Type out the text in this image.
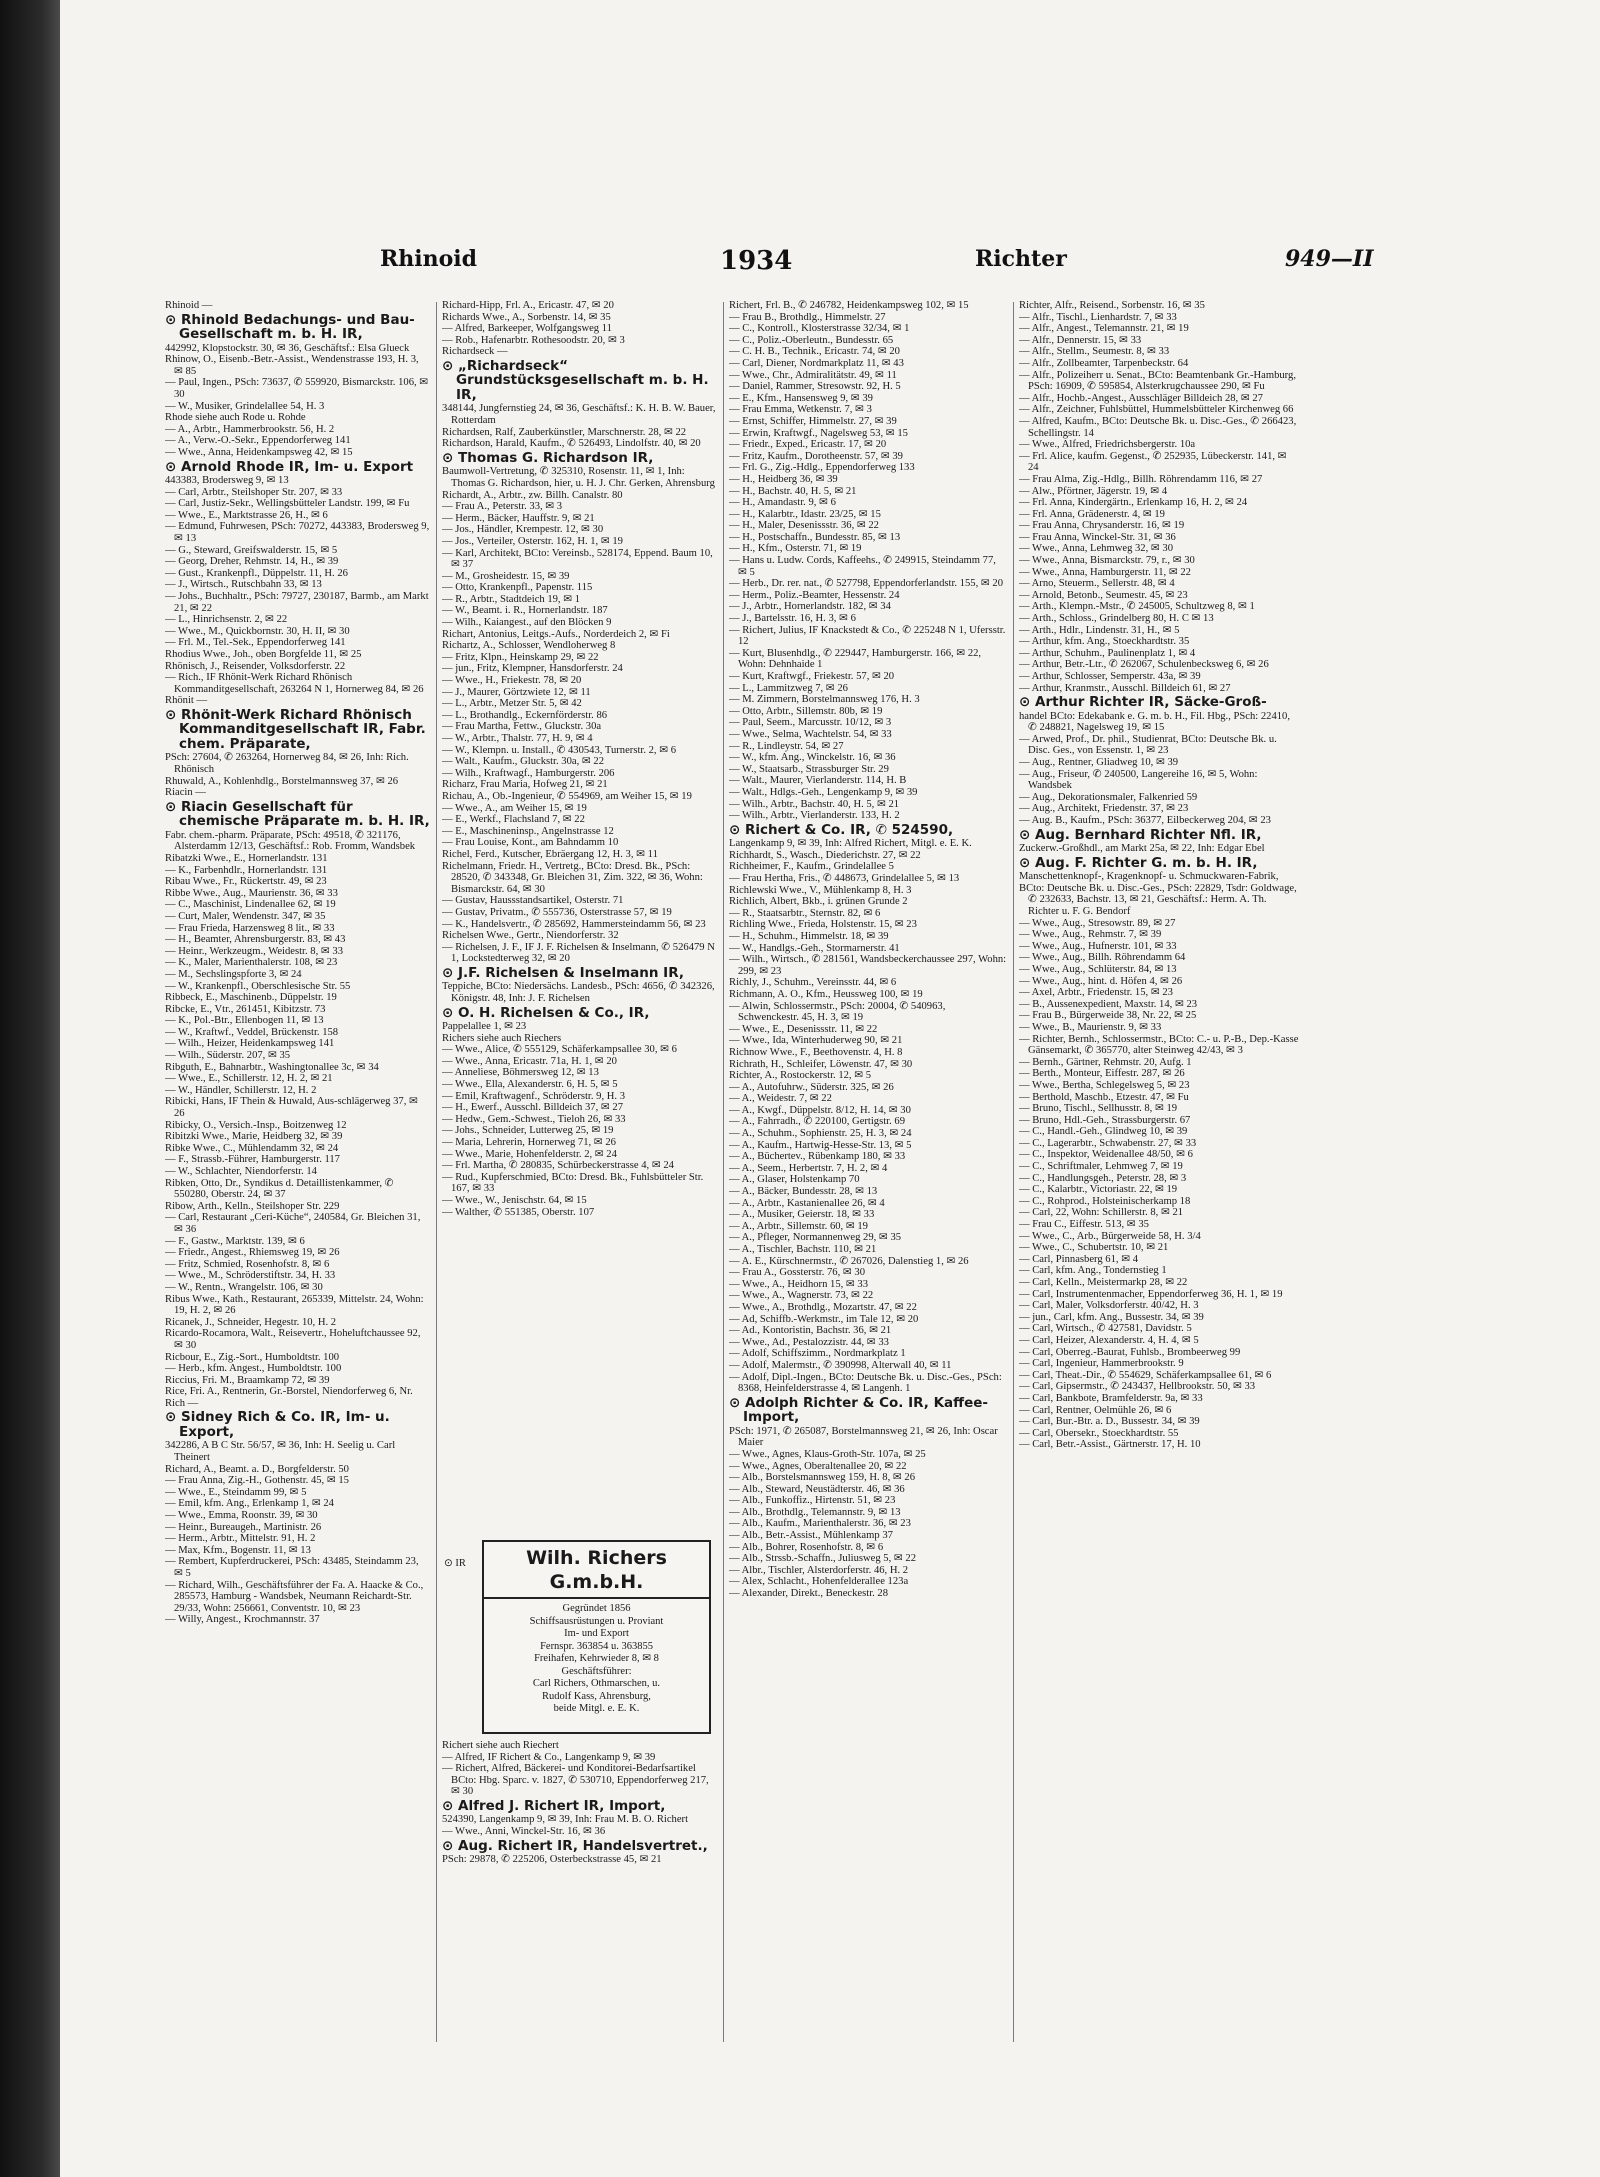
Rhinoid	1934	Richter	949—II

Rhinoid —

⊙ Rhinold Bedachungs- und Bau-Gesellschaft m. b. H. IR,

442992, Klopstockstr. 30, ✉ 36, Geschäftsf.: Elsa Glueck

Rhinow, O., Eisenb.-Betr.-Assist., Wendenstrasse 193, H. 3, ✉ 85

— Paul, Ingen., PSch: 73637, ✆ 559920, Bismarckstr. 106, ✉ 30

— W., Musiker, Grindelallee 54, H. 3

Rhode siehe auch Rode u. Rohde

— A., Arbtr., Hammerbrookstr. 56, H. 2

— A., Verw.-O.-Sekr., Eppendorferweg 141

— Wwe., Anna, Heidenkampsweg 42, ✉ 15

⊙ Arnold Rhode IR, Im- u. Export

443383, Brodersweg 9, ✉ 13

— Carl, Arbtr., Steilshoper Str. 207, ✉ 33

— Carl, Justiz-Sekr., Wellingsbütteler Landstr. 199, ✉ Fu

— Wwe., E., Marktstrasse 26, H., ✉ 6

— Edmund, Fuhrwesen, PSch: 70272, 443383, Brodersweg 9, ✉ 13

— G., Steward, Greifswalderstr. 15, ✉ 5

— Georg, Dreher, Rehmstr. 14, H., ✉ 39

— Gust., Krankenpfl., Düppelstr. 11, H. 26

— J., Wirtsch., Rutschbahn 33, ✉ 13

— Johs., Buchhaltr., PSch: 79727, 230187, Barmb., am Markt 21, ✉ 22

— L., Hinrichsenstr. 2, ✉ 22

— Wwe., M., Quickbornstr. 30, H. II, ✉ 30

— Frl. M., Tel.-Sek., Eppendorferweg 141

Rhodius Wwe., Joh., oben Borgfelde 11, ✉ 25

Rhönisch, J., Reisender, Volksdorferstr. 22

— Rich., IF Rhönit-Werk Richard Rhönisch Kommanditgesellschaft, 263264 N 1, Hornerweg 84, ✉ 26

Rhönit —

⊙ Rhönit-Werk Richard Rhönisch Kommanditgesellschaft IR, Fabr. chem. Präparate,

PSch: 27604, ✆ 263264, Hornerweg 84, ✉ 26, Inh: Rich. Rhönisch

Rhuwald, A., Kohlenhdlg., Borstelmannsweg 37, ✉ 26

Riacin —

⊙ Riacin Gesellschaft für chemische Präparate m. b. H. IR,

Fabr. chem.-pharm. Präparate, PSch: 49518, ✆ 321176, Alsterdamm 12/13, Geschäftsf.: Rob. Fromm, Wandsbek

Ribatzki Wwe., E., Hornerlandstr. 131

— K., Farbenhdlr., Hornerlandstr. 131

Ribau Wwe., Fr., Rückertstr. 49, ✉ 23

Ribbe Wwe., Aug., Maurienstr. 36, ✉ 33

— C., Maschinist, Lindenallee 62, ✉ 19

— Curt, Maler, Wendenstr. 347, ✉ 35

— Frau Frieda, Harzensweg 8 lit., ✉ 33

— H., Beamter, Ahrensburgerstr. 83, ✉ 43

— Heinr., Werkzeugm., Weidestr. 8, ✉ 33

— K., Maler, Marienthalerstr. 108, ✉ 23

— M., Sechslingspforte 3, ✉ 24

— W., Krankenpfl., Oberschlesische Str. 55

Ribbeck, E., Maschinenb., Düppelstr. 19

Ribcke, E., Vtr., 261451, Kibitzstr. 73

— K., Pol.-Btr., Ellenbogen 11, ✉ 13

— W., Kraftwf., Veddel, Brückenstr. 158

— Wilh., Heizer, Heidenkampsweg 141

— Wilh., Süderstr. 207, ✉ 35

Ribguth, E., Bahnarbtr., Washingtonallee 3c, ✉ 34

— Wwe., E., Schillerstr. 12, H. 2, ✉ 21

— W., Händler, Schillerstr. 12, H. 2

Ribicki, Hans, IF Thein & Huwald, Aus-schlägerweg 37, ✉ 26

Ribicky, O., Versich.-Insp., Boitzenweg 12

Ribitzki Wwe., Marie, Heidberg 32, ✉ 39

Ribke Wwe., C., Mühlendamm 32, ✉ 24

— F., Strassb.-Führer, Hamburgerstr. 117

— W., Schlachter, Niendorferstr. 14

Ribken, Otto, Dr., Syndikus d. Detaillistenkammer, ✆ 550280, Oberstr. 24, ✉ 37

Ribow, Arth., Kelln., Steilshoper Str. 229

— Carl, Restaurant „Ceri-Küche“, 240584, Gr. Bleichen 31, ✉ 36

— F., Gastw., Marktstr. 139, ✉ 6

— Friedr., Angest., Rhiemsweg 19, ✉ 26

— Fritz, Schmied, Rosenhofstr. 8, ✉ 6

— Wwe., M., Schröderstiftstr. 34, H. 33

— W., Rentn., Wrangelstr. 106, ✉ 30

Ribus Wwe., Kath., Restaurant, 265339, Mittelstr. 24, Wohn: 19, H. 2, ✉ 26

Ricanek, J., Schneider, Hegestr. 10, H. 2

Ricardo-Rocamora, Walt., Reisevertr., Hoheluftchaussee 92, ✉ 30

Ricbour, E., Zig.-Sort., Humboldtstr. 100

— Herb., kfm. Angest., Humboldtstr. 100

Riccius, Fri. M., Braamkamp 72, ✉ 39

Rice, Fri. A., Rentnerin, Gr.-Borstel, Niendorferweg 6, Nr.

Rich —

⊙ Sidney Rich & Co. IR, Im- u. Export,

342286, A B C Str. 56/57, ✉ 36, Inh: H. Seelig u. Carl Theinert

Richard, A., Beamt. a. D., Borgfelderstr. 50

— Frau Anna, Zig.-H., Gothenstr. 45, ✉ 15

— Wwe., E., Steindamm 99, ✉ 5

— Emil, kfm. Ang., Erlenkamp 1, ✉ 24

— Wwe., Emma, Roonstr. 39, ✉ 30

— Heinr., Bureaugeh., Martinistr. 26

— Herm., Arbtr., Mittelstr. 91, H. 2

— Max, Kfm., Bogenstr. 11, ✉ 13

— Rembert, Kupferdruckerei, PSch: 43485, Steindamm 23, ✉ 5

— Richard, Wilh., Geschäftsführer der Fa. A. Haacke & Co., 285573, Hamburg - Wandsbek, Neumann Reichardt-Str. 29/33, Wohn: 256661, Conventstr. 10, ✉ 23

— Willy, Angest., Krochmannstr. 37

Richard-Hipp, Frl. A., Ericastr. 47, ✉ 20

Richards Wwe., A., Sorbenstr. 14, ✉ 35

— Alfred, Barkeeper, Wolfgangsweg 11

— Rob., Hafenarbtr. Rothesoodstr. 20, ✉ 3

Richardseck —

⊙ „Richardseck“ Grundstücksgesellschaft m. b. H. IR,

348144, Jungfernstieg 24, ✉ 36, Geschäftsf.: K. H. B. W. Bauer, Rotterdam

Richardsen, Ralf, Zauberkünstler, Marschnerstr. 28, ✉ 22

Richardson, Harald, Kaufm., ✆ 526493, Lindolfstr. 40, ✉ 20

⊙ Thomas G. Richardson IR,

Baumwoll-Vertretung, ✆ 325310, Rosenstr. 11, ✉ 1, Inh: Thomas G. Richardson, hier, u. H. J. Chr. Gerken, Ahrensburg

Richardt, A., Arbtr., zw. Billh. Canalstr. 80

— Frau A., Peterstr. 33, ✉ 3

— Herm., Bäcker, Hauffstr. 9, ✉ 21

— Jos., Händler, Krempestr. 12, ✉ 30

— Jos., Verteiler, Osterstr. 162, H. 1, ✉ 19

— Karl, Architekt, BCto: Vereinsb., 528174, Eppend. Baum 10, ✉ 37

— M., Grosheidestr. 15, ✉ 39

— Otto, Krankenpfl., Papenstr. 115

— R., Arbtr., Stadtdeich 19, ✉ 1

— W., Beamt. i. R., Hornerlandstr. 187

— Wilh., Kaiangest., auf den Blöcken 9

Richart, Antonius, Leitgs.-Aufs., Norderdeich 2, ✉ Fi

Richartz, A., Schlosser, Wendloherweg 8

— Fritz, Klpn., Heinskamp 29, ✉ 22

— jun., Fritz, Klempner, Hansdorferstr. 24

— Wwe., H., Friekestr. 78, ✉ 20

— J., Maurer, Görtzwiete 12, ✉ 11

— L., Arbtr., Metzer Str. 5, ✉ 42

— L., Brothandlg., Eckernförderstr. 86

— Frau Martha, Fettw., Gluckstr. 30a

— W., Arbtr., Thalstr. 77, H. 9, ✉ 4

— W., Klempn. u. Install., ✆ 430543, Turnerstr. 2, ✉ 6

— Walt., Kaufm., Gluckstr. 30a, ✉ 22

— Wilh., Kraftwagf., Hamburgerstr. 206

Richarz, Frau Maria, Hofweg 21, ✉ 21

Richau, A., Ob.-Ingenieur, ✆ 554969, am Weiher 15, ✉ 19

— Wwe., A., am Weiher 15, ✉ 19

— E., Werkf., Flachsland 7, ✉ 22

— E., Maschineninsp., Angelnstrasse 12

— Frau Louise, Kont., am Bahndamm 10

Richel, Ferd., Kutscher, Ebräergang 12, H. 3, ✉ 11

Richelmann, Friedr. H., Vertretg., BCto: Dresd. Bk., PSch: 28520, ✆ 343348, Gr. Bleichen 31, Zim. 322, ✉ 36, Wohn: Bismarckstr. 64, ✉ 30

— Gustav, Haussstandsartikel, Osterstr. 71

— Gustav, Privatm., ✆ 555736, Osterstrasse 57, ✉ 19

— K., Handelsvertr., ✆ 285692, Hammersteindamm 56, ✉ 23

Richelsen Wwe., Gertr., Niendorferstr. 32

— Richelsen, J. F., IF J. F. Richelsen & Inselmann, ✆ 526479 N 1, Lockstedterweg 32, ✉ 20

⊙ J.F. Richelsen & Inselmann IR,

Teppiche, BCto: Niedersächs. Landesb., PSch: 4656, ✆ 342326, Königstr. 48, Inh: J. F. Richelsen

⊙ O. H. Richelsen & Co., IR,

Pappelallee 1, ✉ 23

Richers siehe auch Riechers

— Wwe., Alice, ✆ 555129, Schäferkampsallee 30, ✉ 6

— Wwe., Anna, Ericastr. 71a, H. 1, ✉ 20

— Anneliese, Böhmersweg 12, ✉ 13

— Wwe., Ella, Alexanderstr. 6, H. 5, ✉ 5

— Emil, Kraftwagenf., Schröderstr. 9, H. 3

— H., Ewerf., Ausschl. Billdeich 37, ✉ 27

— Hedw., Gem.-Schwest., Tieloh 26, ✉ 33

— Johs., Schneider, Lutterweg 25, ✉ 19

— Maria, Lehrerin, Hornerweg 71, ✉ 26

— Wwe., Marie, Hohenfelderstr. 2, ✉ 24

— Frl. Martha, ✆ 280835, Schürbeckerstrasse 4, ✉ 24

— Rud., Kupferschmied, BCto: Dresd. Bk., Fuhlsbütteler Str. 167, ✉ 33

— Wwe., W., Jenischstr. 64, ✉ 15

— Walther, ✆ 551385, Oberstr. 107

⊙ IR	Wilh. Richers G.m.b.H.
Gegründet 1856
Schiffsausrüstungen u. Proviant
Im- und Export
Fernspr. 363854 u. 363855
Freihafen, Kehrwieder 8, ✉ 8
Geschäftsführer:
Carl Richers, Othmarschen, u.
Rudolf Kass, Ahrensburg,
beide Mitgl. e. E. K.

Richert siehe auch Riechert

— Alfred, IF Richert & Co., Langenkamp 9, ✉ 39

— Richert, Alfred, Bäckerei- und Konditorei-Bedarfsartikel BCto: Hbg. Sparc. v. 1827, ✆ 530710, Eppendorferweg 217, ✉ 30

⊙ Alfred J. Richert IR, Import,

524390, Langenkamp 9, ✉ 39, Inh: Frau M. B. O. Richert

— Wwe., Anni, Winckel-Str. 16, ✉ 36

⊙ Aug. Richert IR, Handelsvertret.,

PSch: 29878, ✆ 225206, Osterbeckstrasse 45, ✉ 21

Richert, Frl. B., ✆ 246782, Heidenkampsweg 102, ✉ 15

— Frau B., Brothdlg., Himmelstr. 27

— C., Kontroll., Klosterstrasse 32/34, ✉ 1

— C., Poliz.-Oberleutn., Bundesstr. 65

— C. H. B., Technik., Ericastr. 74, ✉ 20

— Carl, Diener, Nordmarkplatz 11, ✉ 43

— Wwe., Chr., Admiralitätstr. 49, ✉ 11

— Daniel, Rammer, Stresowstr. 92, H. 5

— E., Kfm., Hansensweg 9, ✉ 39

— Frau Emma, Wetkenstr. 7, ✉ 3

— Ernst, Schiffer, Himmelstr. 27, ✉ 39

— Erwin, Kraftwgf., Nagelsweg 53, ✉ 15

— Friedr., Exped., Ericastr. 17, ✉ 20

— Fritz, Kaufm., Dorotheenstr. 57, ✉ 39

— Frl. G., Zig.-Hdlg., Eppendorferweg 133

— H., Heidberg 36, ✉ 39

— H., Bachstr. 40, H. 5, ✉ 21

— H., Amandastr. 9, ✉ 6

— H., Kalarbtr., Idastr. 23/25, ✉ 15

— H., Maler, Desenissstr. 36, ✉ 22

— H., Postschaffn., Bundesstr. 85, ✉ 13

— H., Kfm., Osterstr. 71, ✉ 19

— Hans u. Ludw. Cords, Kaffeehs., ✆ 249915, Steindamm 77, ✉ 5

— Herb., Dr. rer. nat., ✆ 527798, Eppendorferlandstr. 155, ✉ 20

— Herm., Poliz.-Beamter, Hessenstr. 24

— J., Arbtr., Hornerlandstr. 182, ✉ 34

— J., Bartelsstr. 16, H. 3, ✉ 6

— Richert, Julius, IF Knackstedt & Co., ✆ 225248 N 1, Ufersstr. 12

— Kurt, Blusenhdlg., ✆ 229447, Hamburgerstr. 166, ✉ 22, Wohn: Dehnhaide 1

— Kurt, Kraftwgf., Friekestr. 57, ✉ 20

— L., Lammitzweg 7, ✉ 26

— M. Zimmern, Borstelmannsweg 176, H. 3

— Otto, Arbtr., Sillemstr. 80b, ✉ 19

— Paul, Seem., Marcusstr. 10/12, ✉ 3

— Wwe., Selma, Wachtelstr. 54, ✉ 33

— R., Lindleystr. 54, ✉ 27

— W., kfm. Ang., Winckelstr. 16, ✉ 36

— W., Staatsarb., Strassburger Str. 29

— Walt., Maurer, Vierlanderstr. 114, H. B

— Walt., Hdlgs.-Geh., Lengenkamp 9, ✉ 39

— Wilh., Arbtr., Bachstr. 40, H. 5, ✉ 21

— Wilh., Arbtr., Vierlanderstr. 133, H. 2

⊙ Richert & Co. IR, ✆ 524590,

Langenkamp 9, ✉ 39, Inh: Alfred Richert, Mitgl. e. E. K.

Richhardt, S., Wasch., Diederichstr. 27, ✉ 22

Richheimer, F., Kaufm., Grindelallee 5

— Frau Hertha, Fris., ✆ 448673, Grindelallee 5, ✉ 13

Richlewski Wwe., V., Mühlenkamp 8, H. 3

Richlich, Albert, Bkb., i. grünen Grunde 2

— R., Staatsarbtr., Sternstr. 82, ✉ 6

Richling Wwe., Frieda, Holstenstr. 15, ✉ 23

— H., Schuhm., Himmelstr. 18, ✉ 39

— W., Handlgs.-Geh., Stormarnerstr. 41

— Wilh., Wirtsch., ✆ 281561, Wandsbeckerchaussee 297, Wohn: 299, ✉ 23

Richly, J., Schuhm., Vereinsstr. 44, ✉ 6

Richmann, A. O., Kfm., Heussweg 100, ✉ 19

— Alwin, Schlossermstr., PSch: 20004, ✆ 540963, Schwenckestr. 45, H. 3, ✉ 19

— Wwe., E., Desenissstr. 11, ✉ 22

— Wwe., Ida, Winterhuderweg 90, ✉ 21

Richnow Wwe., F., Beethovenstr. 4, H. 8

Richrath, H., Schleifer, Löwenstr. 47, ✉ 30

Richter, A., Rostockerstr. 12, ✉ 5

— A., Autofuhrw., Süderstr. 325, ✉ 26

— A., Weidestr. 7, ✉ 22

— A., Kwgf., Düppelstr. 8/12, H. 14, ✉ 30

— A., Fahrradh., ✆ 220100, Gertigstr. 69

— A., Schuhm., Sophienstr. 25, H. 3, ✉ 24

— A., Kaufm., Hartwig-Hesse-Str. 13, ✉ 5

— A., Büchertev., Rübenkamp 180, ✉ 33

— A., Seem., Herbertstr. 7, H. 2, ✉ 4

— A., Glaser, Holstenkamp 70

— A., Bäcker, Bundesstr. 28, ✉ 13

— A., Arbtr., Kastanienallee 26, ✉ 4

— A., Musiker, Geierstr. 18, ✉ 33

— A., Arbtr., Sillemstr. 60, ✉ 19

— A., Pfleger, Normannenweg 29, ✉ 35

— A., Tischler, Bachstr. 110, ✉ 21

— A. E., Kürschnermstr., ✆ 267026, Dalenstieg 1, ✉ 26

— Frau A., Gossterstr. 76, ✉ 30

— Wwe., A., Heidhorn 15, ✉ 33

— Wwe., A., Wagnerstr. 73, ✉ 22

— Wwe., A., Brothdlg., Mozartstr. 47, ✉ 22

— Ad, Schiffb.-Werkmstr., im Tale 12, ✉ 20

— Ad., Kontoristin, Bachstr. 36, ✉ 21

— Wwe., Ad., Pestalozzistr. 44, ✉ 33

— Adolf, Schiffszimm., Nordmarkplatz 1

— Adolf, Malermstr., ✆ 390998, Alterwall 40, ✉ 11

— Adolf, Dipl.-Ingen., BCto: Deutsche Bk. u. Disc.-Ges., PSch: 8368, Heinfelderstrasse 4, ✉ Langenh. 1

⊙ Adolph Richter & Co. IR, Kaffee-Import,

PSch: 1971, ✆ 265087, Borstelmannsweg 21, ✉ 26, Inh: Oscar Maier

— Wwe., Agnes, Klaus-Groth-Str. 107a, ✉ 25

— Wwe., Agnes, Oberaltenallee 20, ✉ 22

— Alb., Borstelsmannsweg 159, H. 8, ✉ 26

— Alb., Steward, Neustädterstr. 46, ✉ 36

— Alb., Funkoffiz., Hirtenstr. 51, ✉ 23

— Alb., Brothdlg., Telemannstr. 9, ✉ 13

— Alb., Kaufm., Marienthalerstr. 36, ✉ 23

— Alb., Betr.-Assist., Mühlenkamp 37

— Alb., Bohrer, Rosenhofstr. 8, ✉ 6

— Alb., Strssb.-Schaffn., Juliusweg 5, ✉ 22

— Albr., Tischler, Alsterdorferstr. 46, H. 2

— Alex, Schlacht., Hohenfelderallee 123a

— Alexander, Direkt., Beneckestr. 28

Richter, Alfr., Reisend., Sorbenstr. 16, ✉ 35

— Alfr., Tischl., Lienhardstr. 7, ✉ 33

— Alfr., Angest., Telemannstr. 21, ✉ 19

— Alfr., Dennerstr. 15, ✉ 33

— Alfr., Stellm., Seumestr. 8, ✉ 33

— Alfr., Zollbeamter, Tarpenbeckstr. 64

— Alfr., Polizeiherr u. Senat., BCto: Beamtenbank Gr.-Hamburg, PSch: 16909, ✆ 595854, Alsterkrugchaussee 290, ✉ Fu

— Alfr., Hochb.-Angest., Ausschläger Billdeich 28, ✉ 27

— Alfr., Zeichner, Fuhlsbüttel, Hummelsbütteler Kirchenweg 66

— Alfred, Kaufm., BCto: Deutsche Bk. u. Disc.-Ges., ✆ 266423, Schellingstr. 14

— Wwe., Alfred, Friedrichsbergerstr. 10a

— Frl. Alice, kaufm. Gegenst., ✆ 252935, Lübeckerstr. 141, ✉ 24

— Frau Alma, Zig.-Hdlg., Billh. Röhrendamm 116, ✉ 27

— Alw., Pförtner, Jägerstr. 19, ✉ 4

— Frl. Anna, Kindergärtn., Erlenkamp 16, H. 2, ✉ 24

— Frl. Anna, Grädenerstr. 4, ✉ 19

— Frau Anna, Chrysanderstr. 16, ✉ 19

— Frau Anna, Winckel-Str. 31, ✉ 36

— Wwe., Anna, Lehmweg 32, ✉ 30

— Wwe., Anna, Bismarckstr. 79, r., ✉ 30

— Wwe., Anna, Hamburgerstr. 11, ✉ 22

— Arno, Steuerm., Sellerstr. 48, ✉ 4

— Arnold, Betonb., Seumestr. 45, ✉ 23

— Arth., Klempn.-Mstr., ✆ 245005, Schultzweg 8, ✉ 1

— Arth., Schloss., Grindelberg 80, H. C ✉ 13

— Arth., Hdlr., Lindenstr. 31, H., ✉ 5

— Arthur, kfm. Ang., Stoeckhardtstr. 35

— Arthur, Schuhm., Paulinenplatz 1, ✉ 4

— Arthur, Betr.-Ltr., ✆ 262067, Schulenbecksweg 6, ✉ 26

— Arthur, Schlosser, Semperstr. 43a, ✉ 39

— Arthur, Kranmstr., Ausschl. Billdeich 61, ✉ 27

⊙ Arthur Richter IR, Säcke-Groß-

handel BCto: Edekabank e. G. m. b. H., Fil. Hbg., PSch: 22410, ✆ 248821, Nagelsweg 19, ✉ 15

— Arwed, Prof., Dr. phil., Studienrat, BCto: Deutsche Bk. u. Disc. Ges., von Essenstr. 1, ✉ 23

— Aug., Rentner, Gliadweg 10, ✉ 39

— Aug., Friseur, ✆ 240500, Langereihe 16, ✉ 5, Wohn: Wandsbek

— Aug., Dekorationsmaler, Falkenried 59

— Aug., Architekt, Friedenstr. 37, ✉ 23

— Aug. B., Kaufm., PSch: 36377, Eilbeckerweg 204, ✉ 23

⊙ Aug. Bernhard Richter Nfl. IR,

Zuckerw.-Großhdl., am Markt 25a, ✉ 22, Inh: Edgar Ebel

⊙ Aug. F. Richter G. m. b. H. IR,

Manschettenknopf-, Kragenknopf- u. Schmuckwaren-Fabrik,

BCto: Deutsche Bk. u. Disc.-Ges., PSch: 22829, Tsdr: Goldwage, ✆ 232633, Bachstr. 13, ✉ 21, Geschäftsf.: Herm. A. Th. Richter u. F. G. Bendorf

— Wwe., Aug., Stresowstr. 89, ✉ 27

— Wwe., Aug., Rehmstr. 7, ✉ 39

— Wwe., Aug., Hufnerstr. 101, ✉ 33

— Wwe., Aug., Billh. Röhrendamm 64

— Wwe., Aug., Schlüterstr. 84, ✉ 13

— Wwe., Aug., hint. d. Höfen 4, ✉ 26

— Axel, Arbtr., Friedenstr. 15, ✉ 23

— B., Aussenexpedient, Maxstr. 14, ✉ 23

— Frau B., Bürgerweide 38, Nr. 22, ✉ 25

— Wwe., B., Maurienstr. 9, ✉ 33

— Richter, Bernh., Schlossermstr., BCto: C.- u. P.-B., Dep.-Kasse Gänsemarkt, ✆ 365770, alter Steinweg 42/43, ✉ 3

— Bernh., Gärtner, Rehmstr. 20, Aufg. 1

— Berth., Monteur, Eiffestr. 287, ✉ 26

— Wwe., Bertha, Schlegelsweg 5, ✉ 23

— Berthold, Maschb., Etzestr. 47, ✉ Fu

— Bruno, Tischl., Sellhusstr. 8, ✉ 19

— Bruno, Hdl.-Geh., Strassburgerstr. 67

— C., Handl.-Geh., Glindweg 10, ✉ 39

— C., Lagerarbtr., Schwabenstr. 27, ✉ 33

— C., Inspektor, Weidenallee 48/50, ✉ 6

— C., Schriftmaler, Lehmweg 7, ✉ 19

— C., Handlungsgeh., Peterstr. 28, ✉ 3

— C., Kalarbtr., Victoriastr. 22, ✉ 19

— C., Rohprod., Holsteinischerkamp 18

— Carl, 22, Wohn: Schillerstr. 8, ✉ 21

— Frau C., Eiffestr. 513, ✉ 35

— Wwe., C., Arb., Bürgerweide 58, H. 3/4

— Wwe., C., Schubertstr. 10, ✉ 21

— Carl, Pinnasberg 61, ✉ 4

— Carl, kfm. Ang., Tondernstieg 1

— Carl, Kelln., Meistermarkp 28, ✉ 22

— Carl, Instrumentenmacher, Eppendorferweg 36, H. 1, ✉ 19

— Carl, Maler, Volksdorferstr. 40/42, H. 3

— jun., Carl, kfm. Ang., Bussestr. 34, ✉ 39

— Carl, Wirtsch., ✆ 427581, Davidstr. 5

— Carl, Heizer, Alexanderstr. 4, H. 4, ✉ 5

— Carl, Oberreg.-Baurat, Fuhlsb., Brombeerweg 99

— Carl, Ingenieur, Hammerbrookstr. 9

— Carl, Theat.-Dir., ✆ 554629, Schäferkampsallee 61, ✉ 6

— Carl, Gipsermstr., ✆ 243437, Hellbrookstr. 50, ✉ 33

— Carl, Bankbote, Bramfelderstr. 9a, ✉ 33

— Carl, Rentner, Oelmühle 26, ✉ 6

— Carl, Bur.-Btr. a. D., Bussestr. 34, ✉ 39

— Carl, Obersekr., Stoeckhardtstr. 55

— Carl, Betr.-Assist., Gärtnerstr. 17, H. 10
